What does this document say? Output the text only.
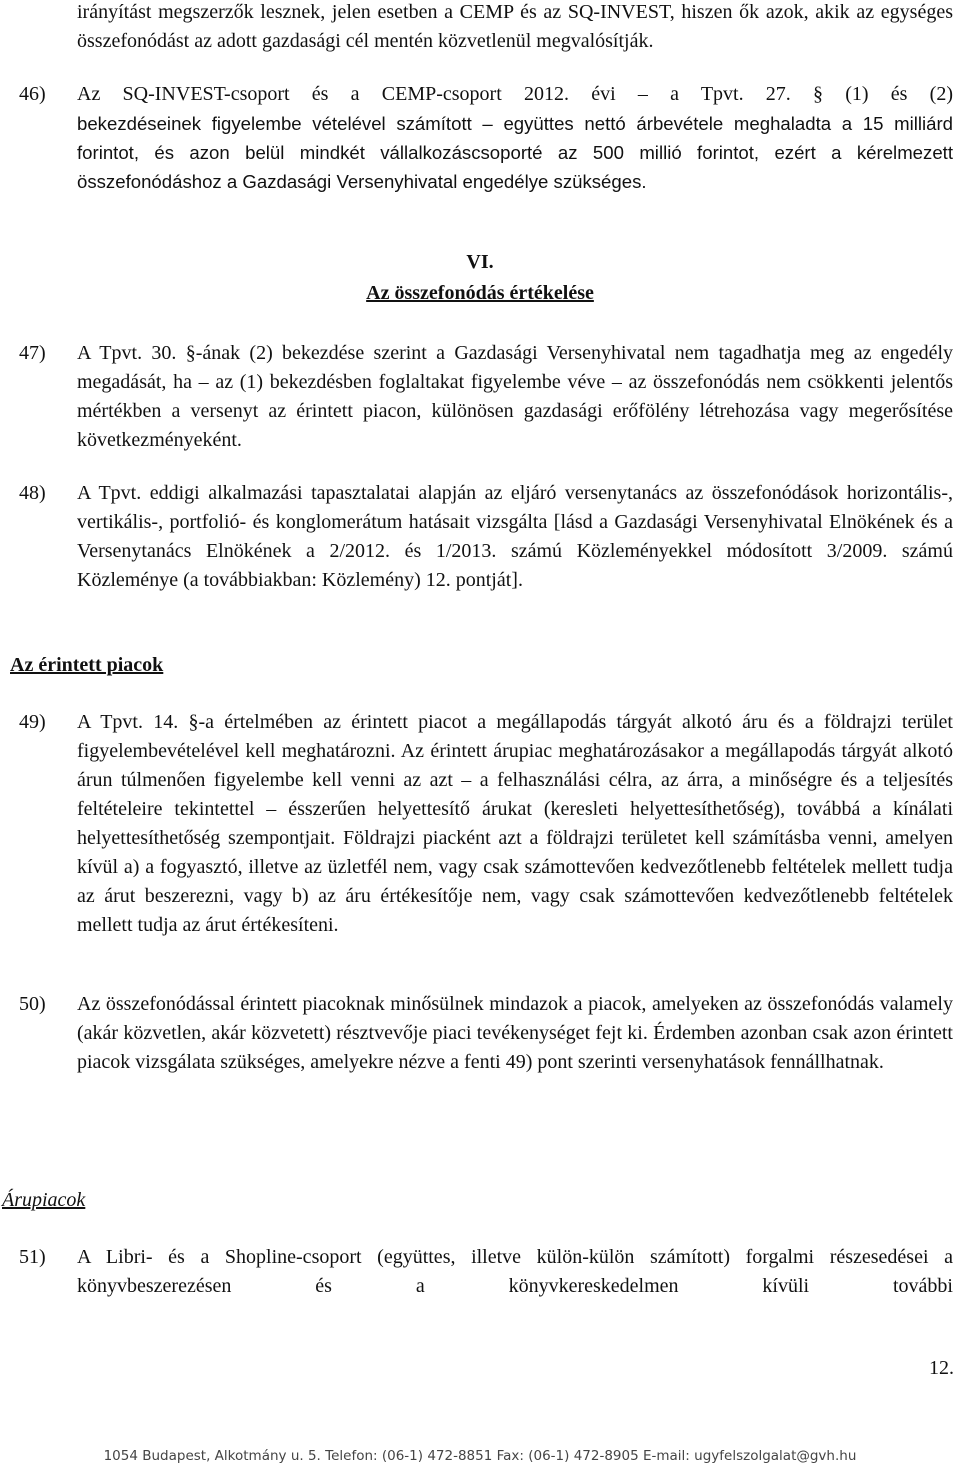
irányítást megszerzők lesznek, jelen esetben a CEMP és az SQ-INVEST, hiszen ők azok, akik az egységes összefonódást az adott gazdasági cél mentén közvetlenül megvalósítják.

46) Az SQ-INVEST-csoport és a CEMP-csoport 2012. évi – a Tpvt. 27. § (1) és (2)

bekezdéseinek figyelembe vételével számított – együttes nettó árbevétele meghaladta a 15 milliárd forintot, és azon belül mindkét vállalkozáscsoporté az 500 millió forintot, ezért a kérelmezett összefonódáshoz a Gazdasági Versenyhivatal engedélye szükséges.

VI.

Az összefonódás értékelése

47) A Tpvt. 30. §-ának (2) bekezdése szerint a Gazdasági Versenyhivatal nem tagadhatja meg az engedély megadását, ha – az (1) bekezdésben foglaltakat figyelembe véve – az összefonódás nem csökkenti jelentős mértékben a versenyt az érintett piacon, különösen gazdasági erőfölény létrehozása vagy megerősítése következményeként.

48) A Tpvt. eddigi alkalmazási tapasztalatai alapján az eljáró versenytanács az összefonódások horizontális-, vertikális-, portfolió- és konglomerátum hatásait vizsgálta [lásd a Gazdasági Versenyhivatal Elnökének és a Versenytanács Elnökének a 2/2012. és 1/2013. számú Közleményekkel módosított 3/2009. számú Közleménye (a továbbiakban: Közlemény) 12. pontját].

Az érintett piacok

49) A Tpvt. 14. §-a értelmében az érintett piacot a megállapodás tárgyát alkotó áru és a földrajzi terület figyelembevételével kell meghatározni. Az érintett árupiac meghatározásakor a megállapodás tárgyát alkotó árun túlmenően figyelembe kell venni az azt – a felhasználási célra, az árra, a minőségre és a teljesítés feltételeire tekintettel – ésszerűen helyettesítő árukat (keresleti helyettesíthetőség), továbbá a kínálati helyettesíthetőség szempontjait. Földrajzi piacként azt a földrajzi területet kell számításba venni, amelyen kívül a) a fogyasztó, illetve az üzletfél nem, vagy csak számottevően kedvezőtlenebb feltételek mellett tudja az árut beszerezni, vagy b) az áru értékesítője nem, vagy csak számottevően kedvezőtlenebb feltételek mellett tudja az árut értékesíteni.

50) Az összefonódással érintett piacoknak minősülnek mindazok a piacok, amelyeken az összefonódás valamely (akár közvetlen, akár közvetett) résztvevője piaci tevékenységet fejt ki. Érdemben azonban csak azon érintett piacok vizsgálata szükséges, amelyekre nézve a fenti 49) pont szerinti versenyhatások fennállhatnak.

Árupiacok

51) A Libri- és a Shopline-csoport (együttes, illetve külön-külön számított) forgalmi részesedései a könyvbeszerezésen és a könyvkereskedelmen kívüli további

12.
1054 Budapest, Alkotmány u. 5. Telefon: (06-1) 472-8851 Fax: (06-1) 472-8905 E-mail: ugyfelszolgalat@gvh.hu
